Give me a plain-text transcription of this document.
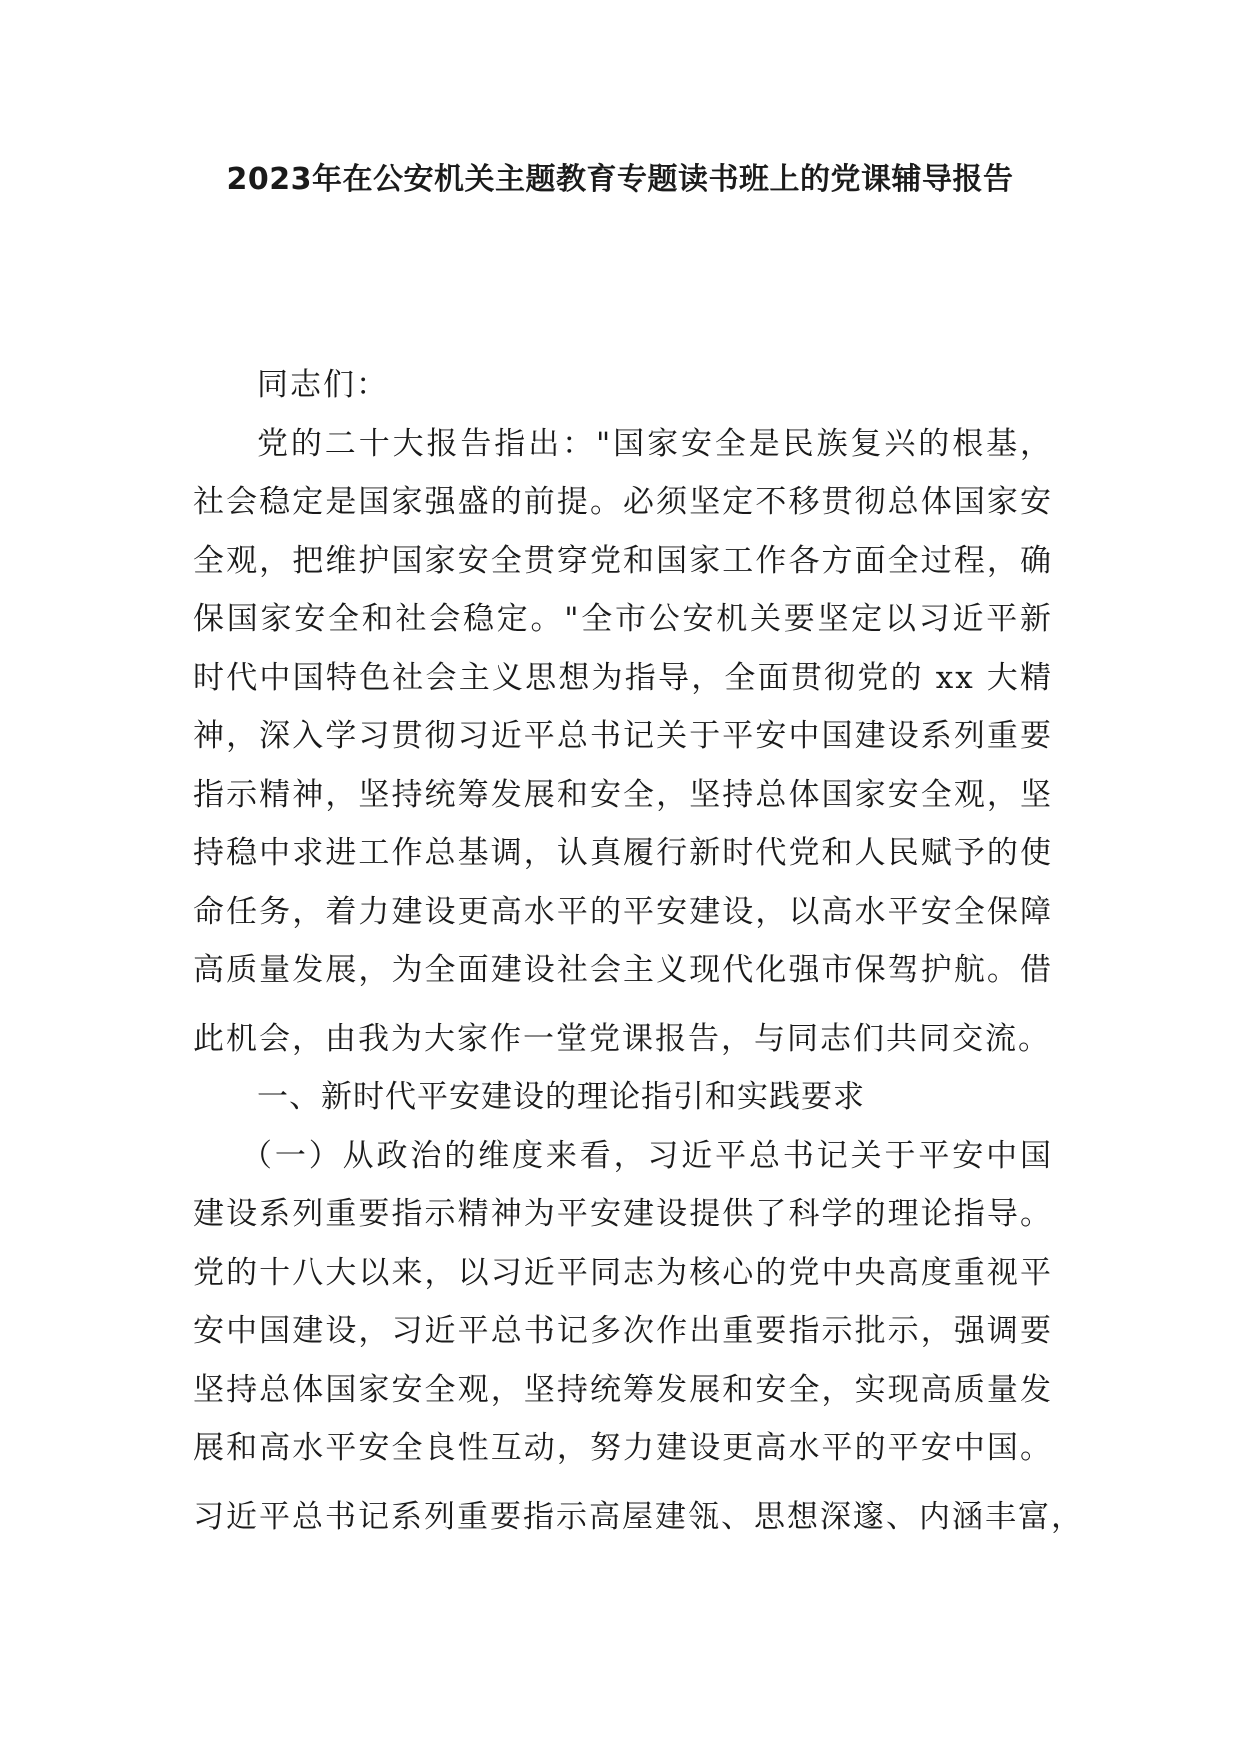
2023年在公安机关主题教育专题读书班上的党课辅导报告
同志们：
党的二十大报告指出："国家安全是民族复兴的根基，
社会稳定是国家强盛的前提。必须坚定不移贯彻总体国家安
全观，把维护国家安全贯穿党和国家工作各方面全过程，确
保国家安全和社会稳定。"全市公安机关要坚定以习近平新
时代中国特色社会主义思想为指导，全面贯彻党的 xx 大精
神，深入学习贯彻习近平总书记关于平安中国建设系列重要
指示精神，坚持统筹发展和安全，坚持总体国家安全观，坚
持稳中求进工作总基调，认真履行新时代党和人民赋予的使
命任务，着力建设更高水平的平安建设，以高水平安全保障
高质量发展，为全面建设社会主义现代化强市保驾护航。借
此机会，由我为大家作一堂党课报告，与同志们共同交流。
一、新时代平安建设的理论指引和实践要求
（一）从政治的维度来看，习近平总书记关于平安中国
建设系列重要指示精神为平安建设提供了科学的理论指导。
党的十八大以来，以习近平同志为核心的党中央高度重视平
安中国建设，习近平总书记多次作出重要指示批示，强调要
坚持总体国家安全观，坚持统筹发展和安全，实现高质量发
展和高水平安全良性互动，努力建设更高水平的平安中国。
习近平总书记系列重要指示高屋建瓴、思想深邃、内涵丰富，
